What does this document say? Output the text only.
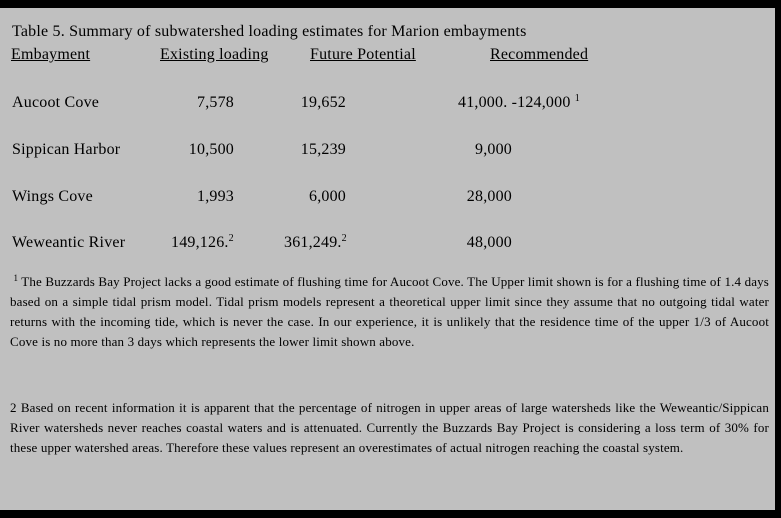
Table 5. Summary of subwatershed loading estimates for Marion embayments
Embayment	Existing loading	Future Potential	Recommended
Aucoot Cove	7,578	19,652	41,000. -124,000 $^1$
Sippican Harbor	10,500	15,239	9,000
Wings Cove	1,993	6,000	28,000
Weweantic River	149,126.$^2$	361,249.$^2$	48,000
$^1$ The Buzzards Bay Project lacks a good estimate of flushing time for Aucoot Cove. The Upper limit shown is for a flushing time of 1.4 days based on a simple tidal prism model. Tidal prism models represent a theoretical upper limit since they assume that no outgoing tidal water returns with the incoming tide, which is never the case. In our experience, it is unlikely that the residence time of the upper 1/3 of Aucoot Cove is no more than 3 days which represents the lower limit shown above.
2 Based on recent information it is apparent that the percentage of nitrogen in upper areas of large watersheds like the Weweantic/Sippican River watersheds never reaches coastal waters and is attenuated. Currently the Buzzards Bay Project is considering a loss term of 30% for these upper watershed areas. Therefore these values represent an overestimates of actual nitrogen reaching the coastal system.
